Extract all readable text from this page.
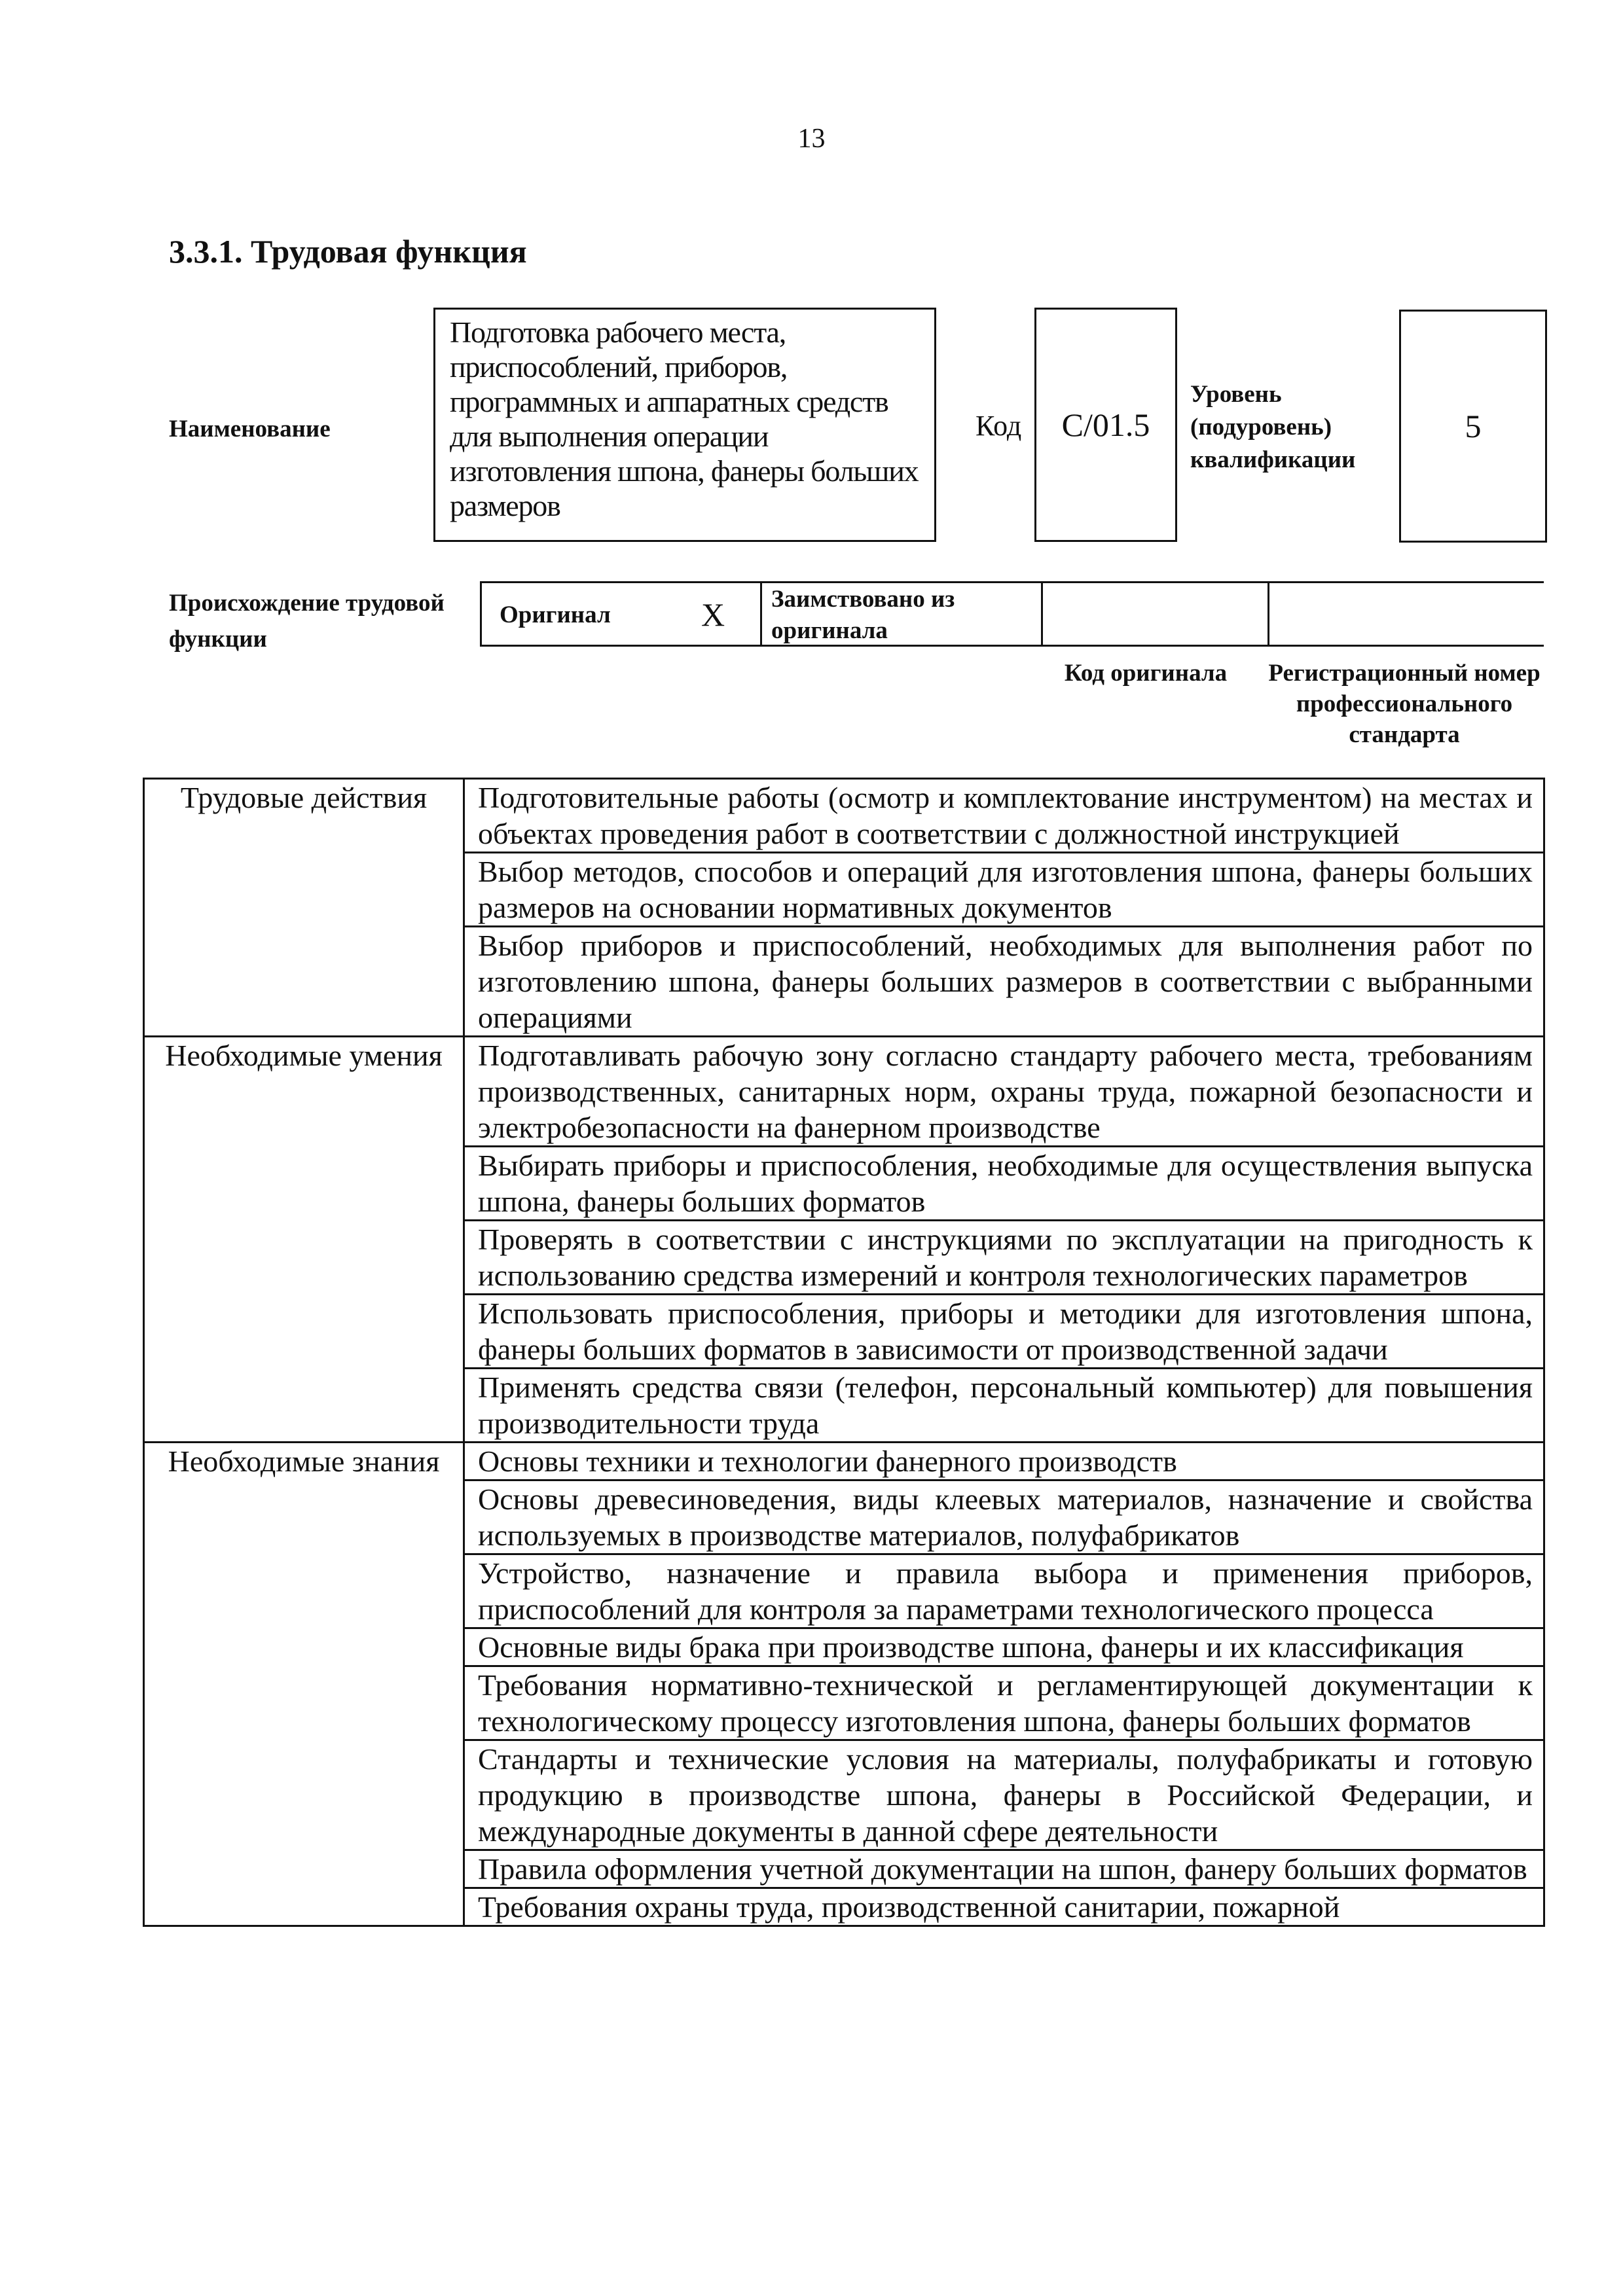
13
3.3.1. Трудовая функция
Наименование
Подготовка рабочего места, приспособлений, приборов, программных и аппаратных средств для выполнения операции изготовления шпона, фанеры больших размеров
Код C/01.5
Уровень (подуровень) квалификации
5
Происхождение трудовой функции
Оригинал	X Заимствовано из оригинала
Код оригинала	Регистрационный номер профессионального стандарта
Трудовые действия	Подготовительные работы (осмотр и комплектование инструментом) на местах и объектах проведения работ в соответствии с должностной инструкцией
	Выбор методов, способов и операций для изготовления шпона, фанеры больших размеров на основании нормативных документов
	Выбор приборов и приспособлений, необходимых для выполнения работ по изготовлению шпона, фанеры больших размеров в соответствии с выбранными операциями
Необходимые умения	Подготавливать рабочую зону согласно стандарту рабочего места, требованиям производственных, санитарных норм, охраны труда, пожарной безопасности и электробезопасности на фанерном производстве
	Выбирать приборы и приспособления, необходимые для осуществления выпуска шпона, фанеры больших форматов
	Проверять в соответствии с инструкциями по эксплуатации на пригодность к использованию средства измерений и контроля технологических параметров
	Использовать приспособления, приборы и методики для изготовления шпона, фанеры больших форматов в зависимости от производственной задачи
	Применять средства связи (телефон, персональный компьютер) для повышения производительности труда
Необходимые знания	Основы техники и технологии фанерного производств
	Основы древесиноведения, виды клеевых материалов, назначение и свойства используемых в производстве материалов, полуфабрикатов
	Устройство, назначение и правила выбора и применения приборов, приспособлений для контроля за параметрами технологического процесса
	Основные виды брака при производстве шпона, фанеры и их классификация
	Требования нормативно-технической и регламентирующей документации к технологическому процессу изготовления шпона, фанеры больших форматов
	Стандарты и технические условия на материалы, полуфабрикаты и готовую продукцию в производстве шпона, фанеры в Российской Федерации, и международные документы в данной сфере деятельности
	Правила оформления учетной документации на шпон, фанеру больших форматов
	Требования охраны труда, производственной санитарии, пожарной
